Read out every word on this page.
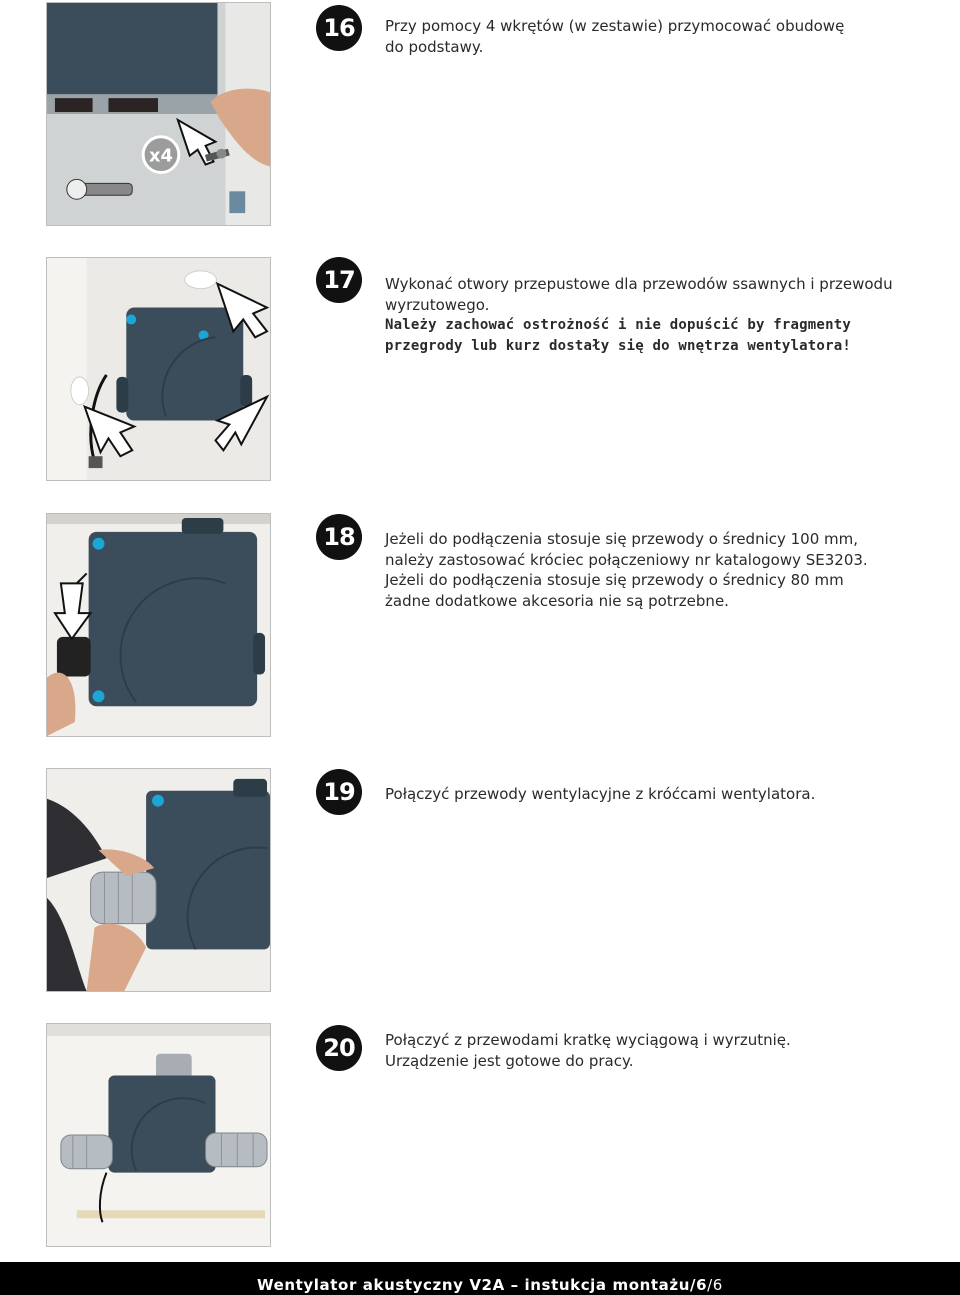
x4
16	Przy pomocy 4 wkrętów (w zestawie) przymocować obudowę

do podstawy.

17	Wykonać otwory przepustowe dla przewodów ssawnych i przewodu

wyrzutowego.

Należy zachować ostrożność i nie dopuścić by fragmenty

przegrody lub kurz dostały się do wnętrza wentylatora!

18	Jeżeli do podłączenia stosuje się przewody o średnicy 100 mm,

należy zastosować króciec połączeniowy nr katalogowy SE3203.

Jeżeli do podłączenia stosuje się przewody o średnicy 80 mm

żadne dodatkowe akcesoria nie są potrzebne.

19	Połączyć przewody wentylacyjne z króćcami wentylatora.

20	Połączyć z przewodami kratkę wyciągową i wyrzutnię.

Urządzenie jest gotowe do pracy.

Wentylator akustyczny V2A – instukcja montażu/6/6
